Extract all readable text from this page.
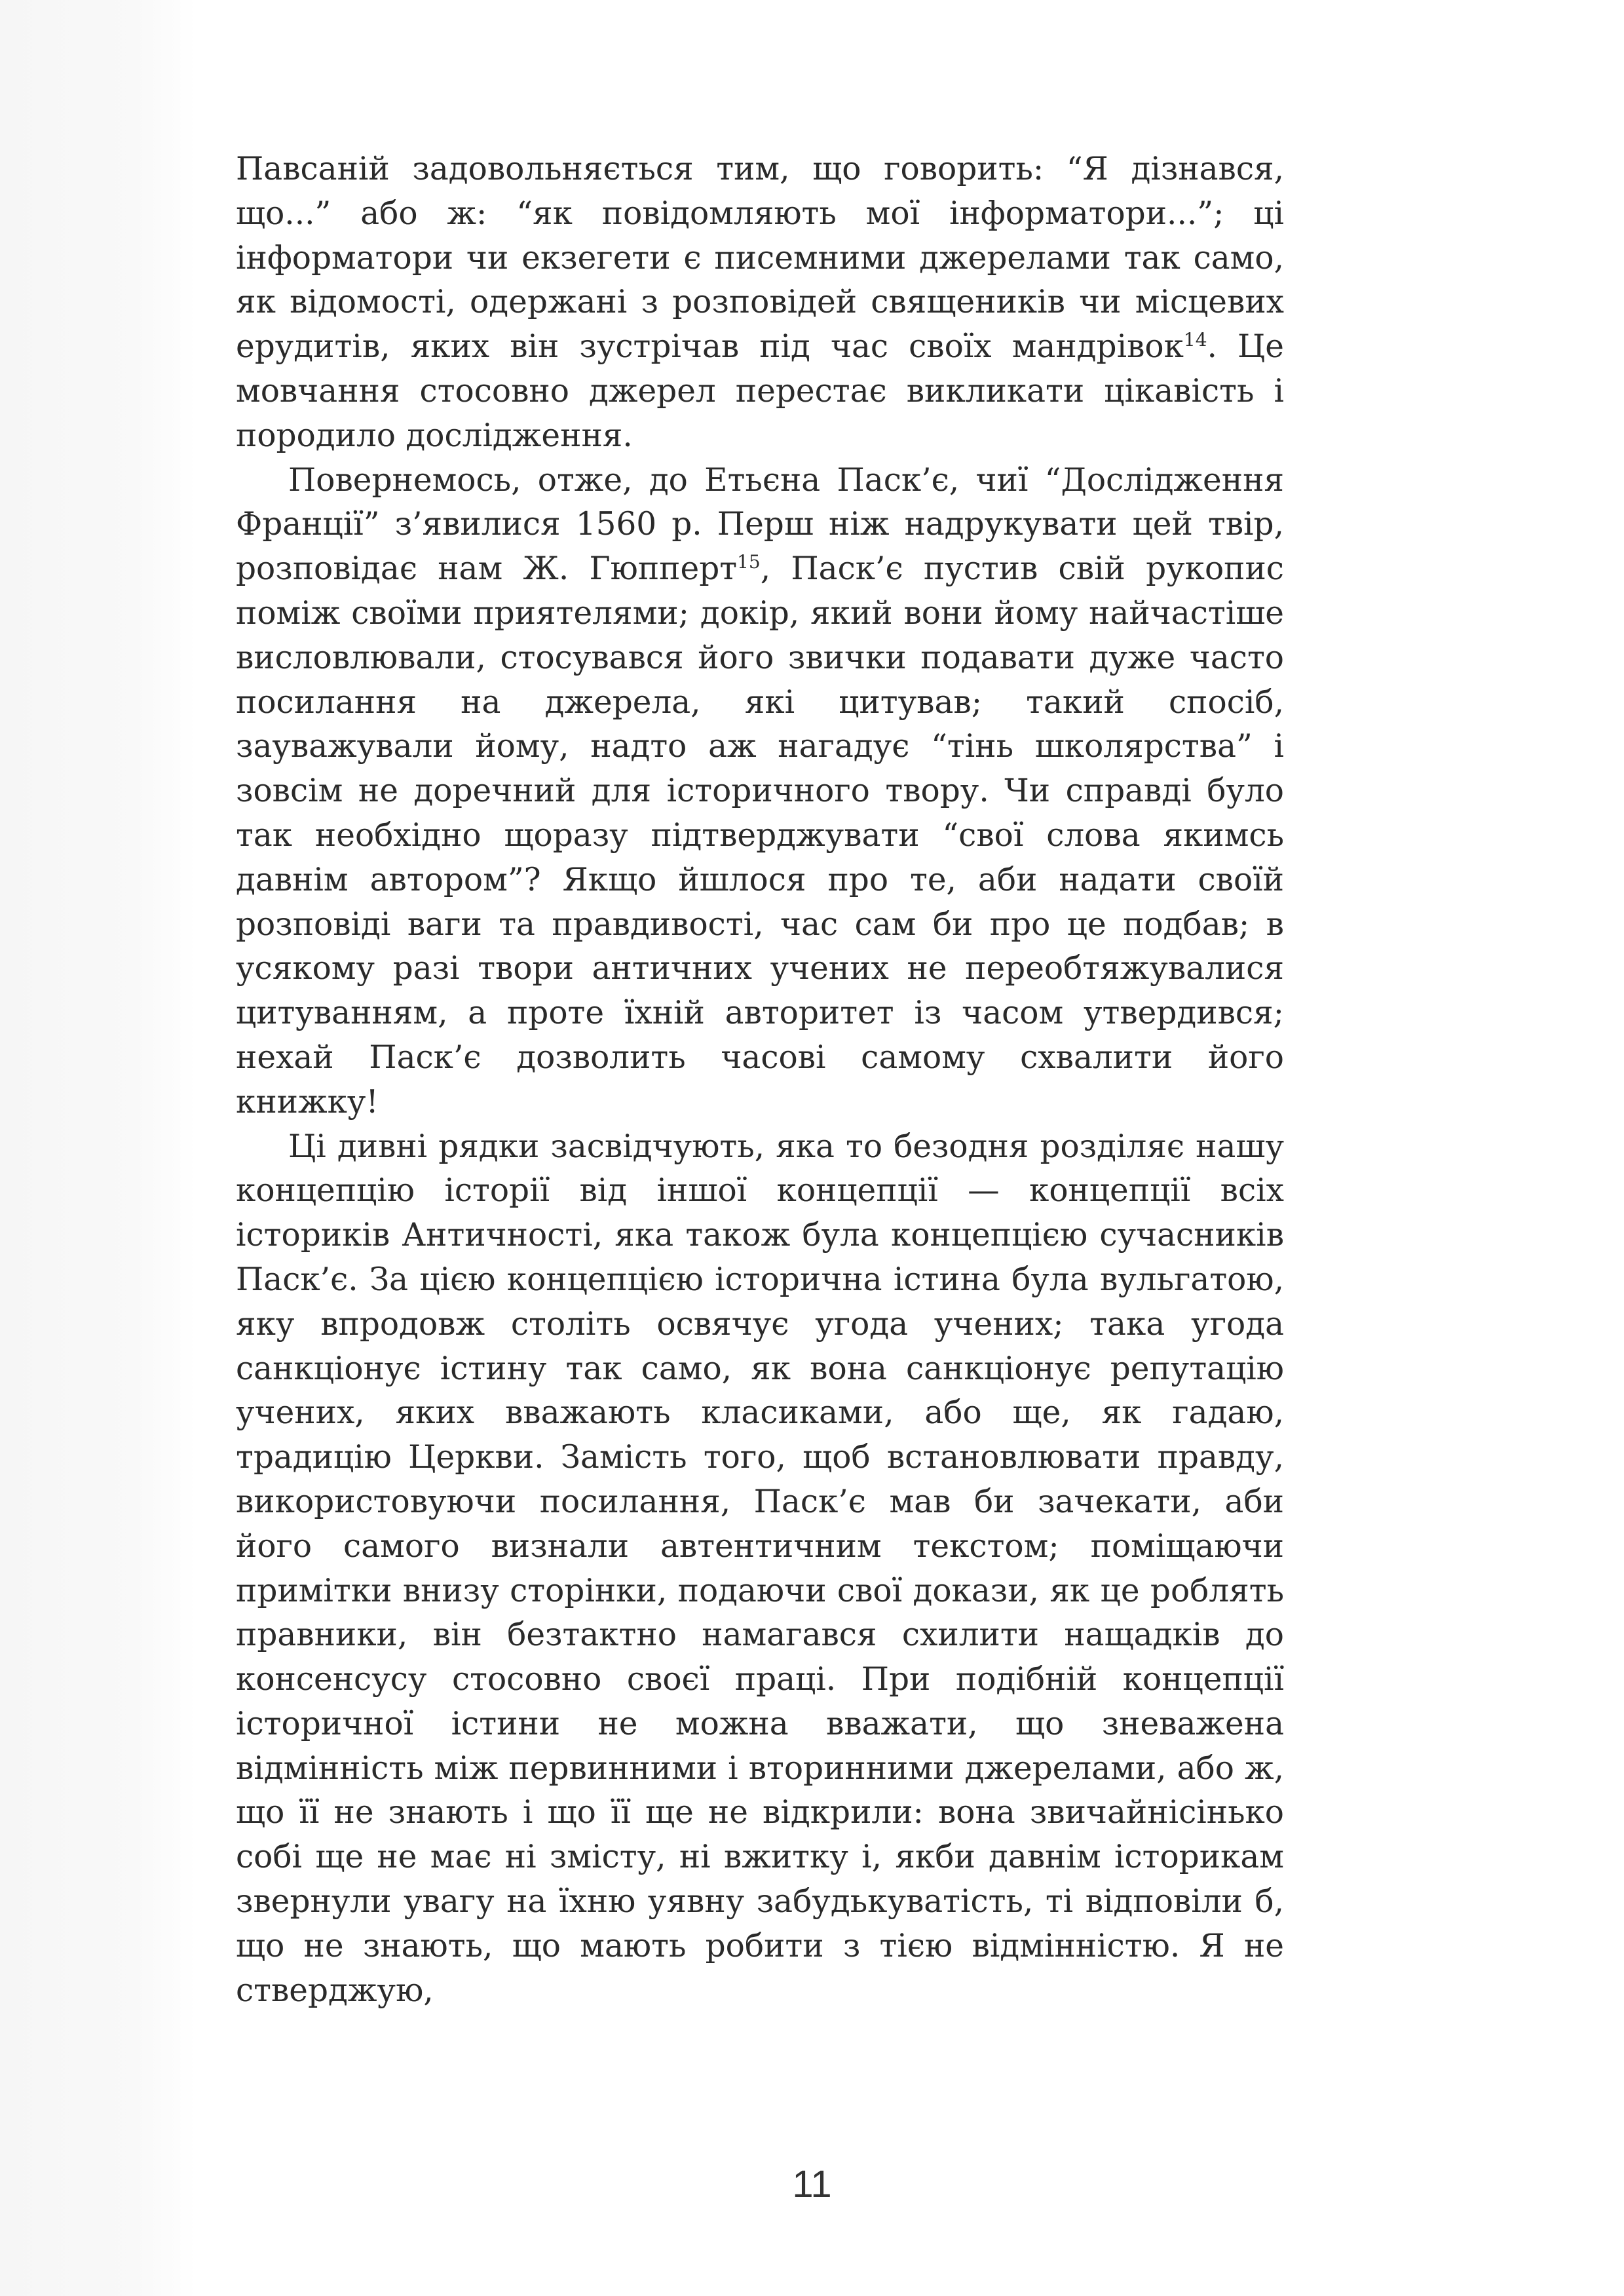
Павсаній задовольняється тим, що говорить: “Я дізнався, що...” або ж: “як повідомляють мої інформатори...”; ці інформатори чи екзегети є писемними джерелами так само, як відомості, одержані з розповідей священиків чи місцевих ерудитів, яких він зустрічав під час своїх мандрівок$^{14}$. Це мовчання стосовно джерел перестає викликати цікавість і породило дослідження.

Повернемось, отже, до Етьєна Паск’є, чиї “Дослідження Франції” з’явилися 1560 р. Перш ніж надрукувати цей твір, розповідає нам Ж. Гюпперт$^{15}$, Паск’є пустив свій рукопис поміж своїми приятелями; докір, який вони йому найчастіше висловлювали, стосувався його звички подавати дуже часто посилання на джерела, які цитував; такий спосіб, зауважували йому, надто аж нагадує “тінь школярства” і зовсім не доречний для історичного твору. Чи справді було так необхідно щоразу підтверджувати “свої слова якимсь давнім автором”? Якщо йшлося про те, аби надати своїй розповіді ваги та правдивості, час сам би про це подбав; в усякому разі твори античних учених не переобтяжувалися цитуванням, а проте їхній авторитет із часом утвердився; нехай Паск’є дозволить часові самому схвалити його книжку!

Ці дивні рядки засвідчують, яка то безодня розділяє нашу концепцію історії від іншої концепції — концепції всіх істориків Античності, яка також була концепцією сучасників Паск’є. За цією концепцією історична істина була вульгатою, яку впродовж століть освячує угода учених; така угода санкціонує істину так само, як вона санкціонує репутацію учених, яких вважають класиками, або ще, як гадаю, традицію Церкви. Замість того, щоб встановлювати правду, використовуючи посилання, Паск’є мав би зачекати, аби його самого визнали автентичним текстом; поміщаючи примітки внизу сторінки, подаючи свої докази, як це роблять правники, він безтактно намагався схилити нащадків до консенсусу стосовно своєї праці. При подібній концепції історичної істини не можна вважати, що зневажена відмінність між первинними і вторинними джерелами, або ж, що її не знають і що її ще не відкрили: вона звичайнісінько собі ще не має ні змісту, ні вжитку і, якби давнім історикам звернули увагу на їхню уявну забудькуватість, ті відповіли б, що не знають, що мають робити з тією відмінністю. Я не стверджую,

11
